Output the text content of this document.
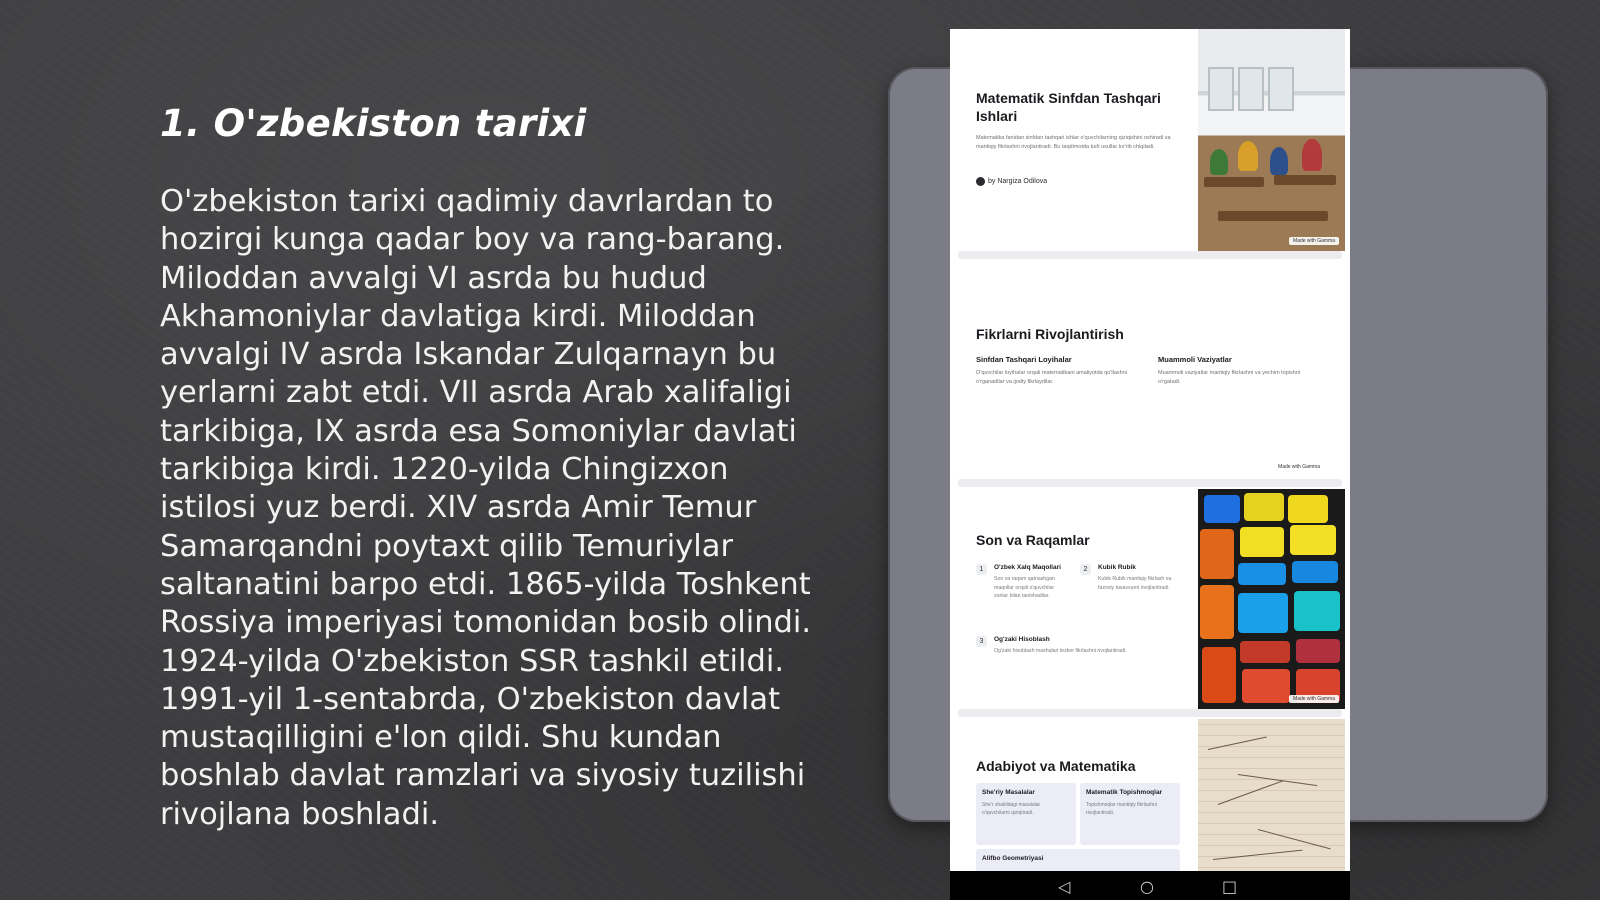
1. O'zbekiston tarixi

O'zbekiston tarixi qadimiy davrlardan to hozirgi kunga qadar boy va rang-barang. Miloddan avvalgi VI asrda bu hudud Akhamoniylar davlatiga kirdi. Miloddan avvalgi IV asrda Iskandar Zulqarnayn bu yerlarni zabt etdi. VII asrda Arab xalifaligi tarkibiga, IX asrda esa Somoniylar davlati tarkibiga kirdi. 1220-yilda Chingizxon istilosi yuz berdi. XIV asrda Amir Temur Samarqandni poytaxt qilib Temuriylar saltanatini barpo etdi. 1865-yilda Toshkent Rossiya imperiyasi tomonidan bosib olindi. 1924-yilda O'zbekiston SSR tashkil etildi. 1991-yil 1-sentabrda, O'zbekiston davlat mustaqilligini e'lon qildi. Shu kundan boshlab davlat ramzlari va siyosiy tuzilishi rivojlana boshladi.

Matematik Sinfdan Tashqari Ishlari

Matematika fanidan sinfdan tashqari ishlar o'quvchilarning qiziqishini oshiradi va mantiqiy fikrlashni rivojlantiradi. Bu taqdimotda turli usullar ko'rib chiqiladi.

by Nargiza Odilova
Made with Gamma
Fikrlarni Rivojlantirish

Sinfdan Tashqari Loyihalar

O'quvchilar loyihalar orqali matematikani amaliyotda qo'llashni o'rganadilar va ijodiy fikrlaydilar.

Muammoli Vaziyatlar

Muammoli vaziyatlar mantiqiy fikrlashni va yechim topishni o'rgatadi.

Made with Gamma
Son va Raqamlar
1	O'zbek Xalq Maqollari
Son va raqam qatnashgan maqollar orqali o'quvchilar sonlar bilan tanishadilar.
2	Kubik Rubik
Kubik Rubik mantiqiy fikrlash va fazoviy tasavvurni rivojlantiradi.
3	Og'zaki Hisoblash
Og'zaki hisoblash mashqlari tezkor fikrlashni rivojlantiradi.
Made with Gamma
Adabiyot va Matematika
She'riy Masalalar
She'r shaklidagi masalalar o'quvchilarni qiziqtiradi.
Matematik Topishmoqlar
Topishmoqlar mantiqiy fikrlashni rivojlantiradi.
Alifbo Geometriyasi
◁	○	□
